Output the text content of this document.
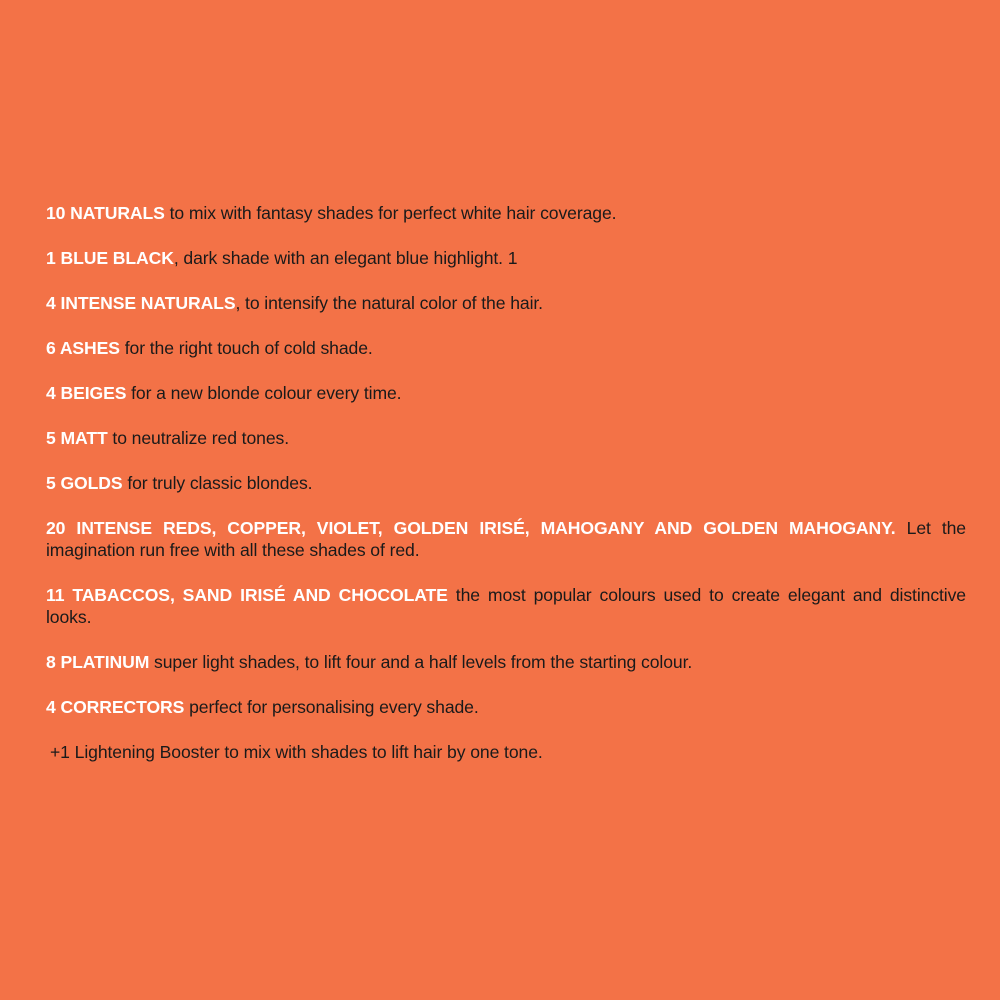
10 NATURALS to mix with fantasy shades for perfect white hair coverage.

1 BLUE BLACK, dark shade with an elegant blue highlight. 1

4 INTENSE NATURALS, to intensify the natural color of the hair.

6 ASHES for the right touch of cold shade.

4 BEIGES for a new blonde colour every time.

5 MATT to neutralize red tones.

5 GOLDS for truly classic blondes.

20 INTENSE REDS, COPPER, VIOLET, GOLDEN IRISÉ, MAHOGANY AND GOLDEN MAHOGANY. Let the imagination run free with all these shades of red.

11 TABACCOS, SAND IRISÉ AND CHOCOLATE the most popular colours used to create elegant and distinctive looks.

8 PLATINUM super light shades, to lift four and a half levels from the starting colour.

4 CORRECTORS perfect for personalising every shade.

+1 Lightening Booster to mix with shades to lift hair by one tone.
